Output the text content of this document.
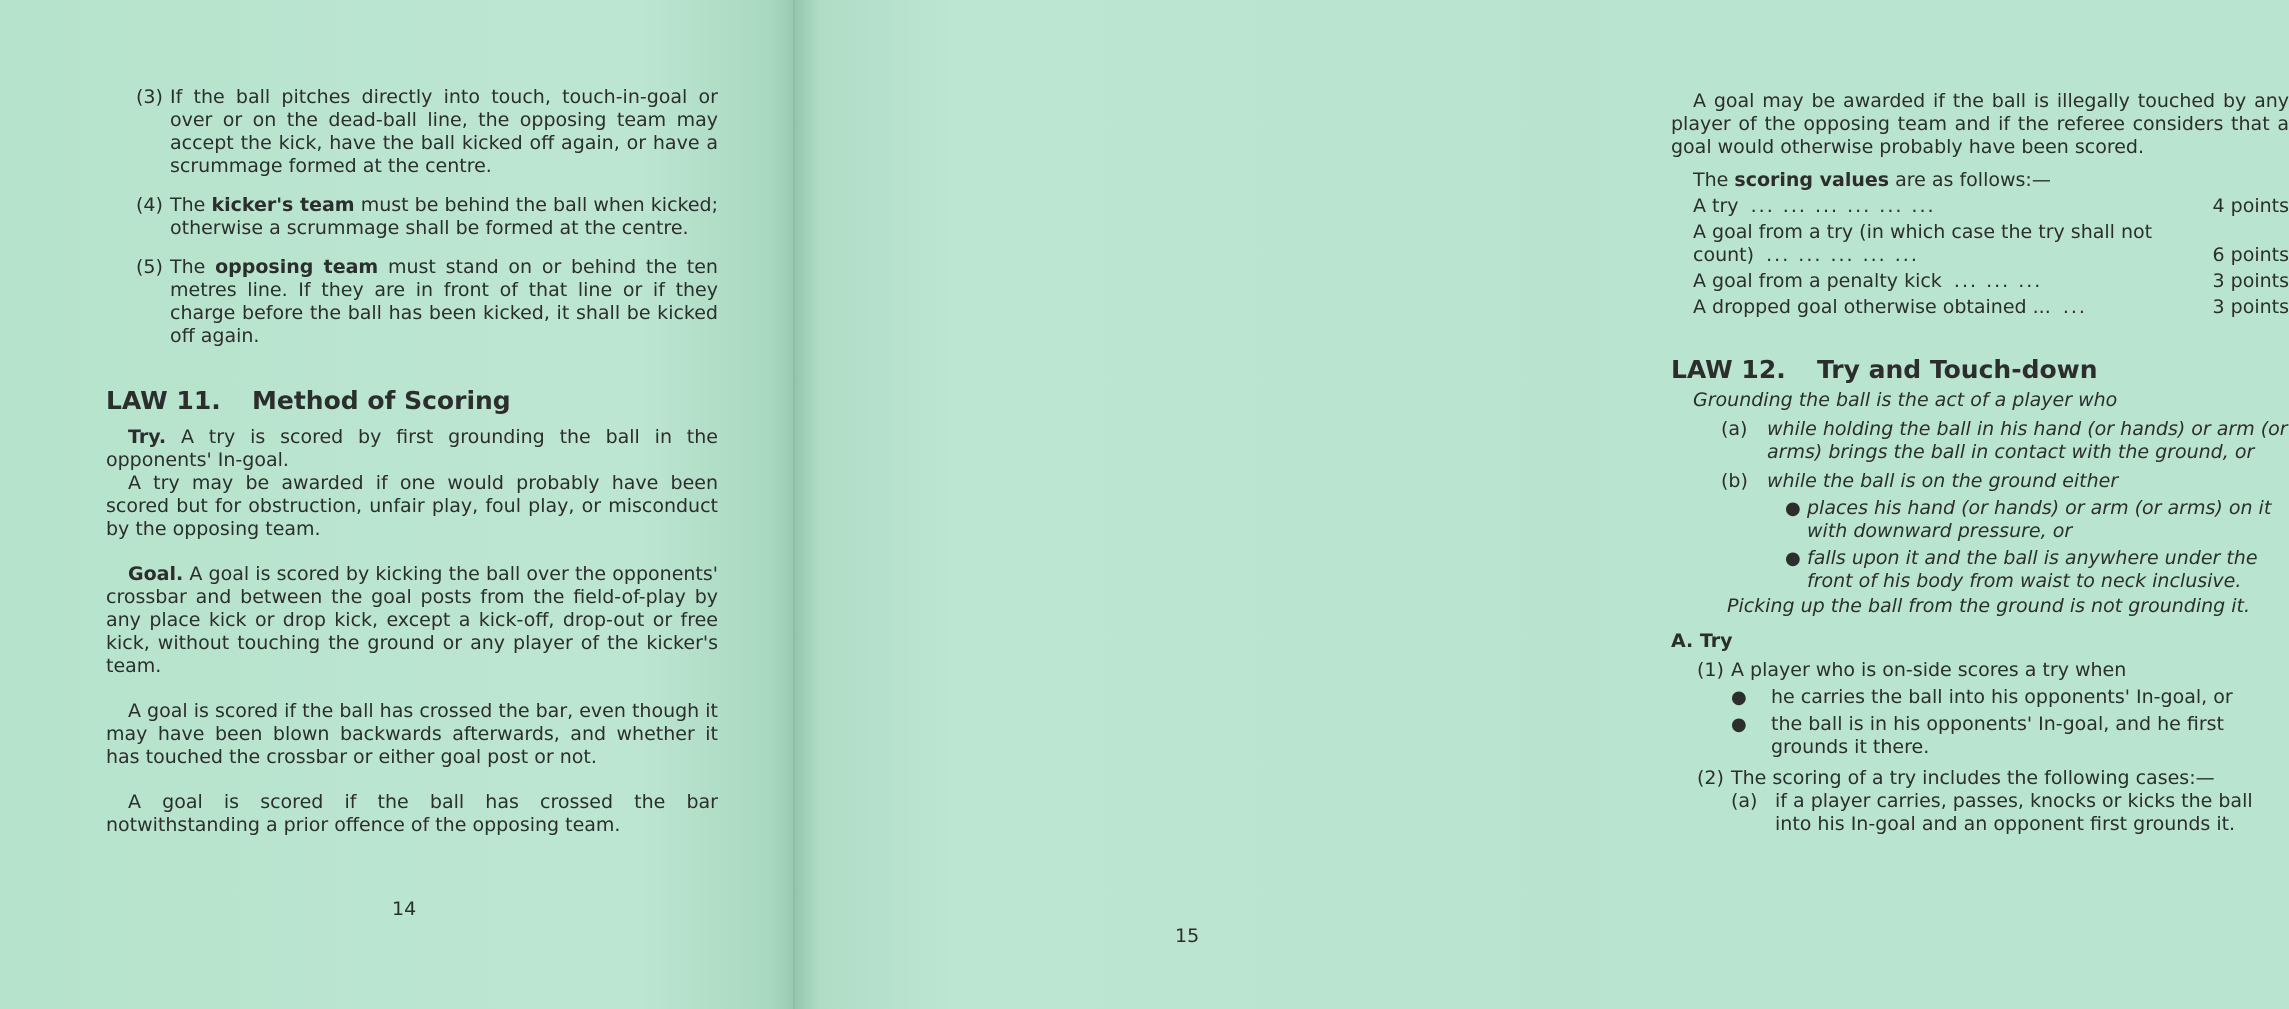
(3) If the ball pitches directly into touch, touch-in-goal or over or on the dead-ball line, the opposing team may accept the kick, have the ball kicked off again, or have a scrummage formed at the centre.
(4) The kicker's team must be behind the ball when kicked; otherwise a scrummage shall be formed at the centre.
(5) The opposing team must stand on or behind the ten metres line. If they are in front of that line or if they charge before the ball has been kicked, it shall be kicked off again.
LAW 11. Method of Scoring

Try. A try is scored by first grounding the ball in the opponents' In-goal.

A try may be awarded if one would probably have been scored but for obstruction, unfair play, foul play, or misconduct by the opposing team.

Goal. A goal is scored by kicking the ball over the opponents' crossbar and between the goal posts from the field-of-play by any place kick or drop kick, except a kick-off, drop-out or free kick, without touching the ground or any player of the kicker's team.

A goal is scored if the ball has crossed the bar, even though it may have been blown backwards afterwards, and whether it has touched the crossbar or either goal post or not.

A goal is scored if the ball has crossed the bar notwithstanding a prior offence of the opposing team.

14

A goal may be awarded if the ball is illegally touched by any player of the opposing team and if the referee considers that a goal would otherwise probably have been scored.

The scoring values are as follows:—

A try ... ... ... ... ... ...	4 points
A goal from a try (in which case the try shall not count) ... ... ... ... ...	6 points
A goal from a penalty kick ... ... ...	3 points
A dropped goal otherwise obtained ... ...	3 points
LAW 12. Try and Touch-down

Grounding the ball is the act of a player who

(a)	while holding the ball in his hand (or hands) or arm (or arms) brings the ball in contact with the ground, or
(b)	while the ball is on the ground either
● places his hand (or hands) or arm (or arms) on it with downward pressure, or
● falls upon it and the ball is anywhere under the front of his body from waist to neck inclusive.

Picking up the ball from the ground is not grounding it.

A. Try

(1) A player who is on-side scores a try when
●	he carries the ball into his opponents' In-goal, or
●	the ball is in his opponents' In-goal, and he first grounds it there.
(2) The scoring of a try includes the following cases:—
(a) if a player carries, passes, knocks or kicks the ball into his In-goal and an opponent first grounds it.
15
